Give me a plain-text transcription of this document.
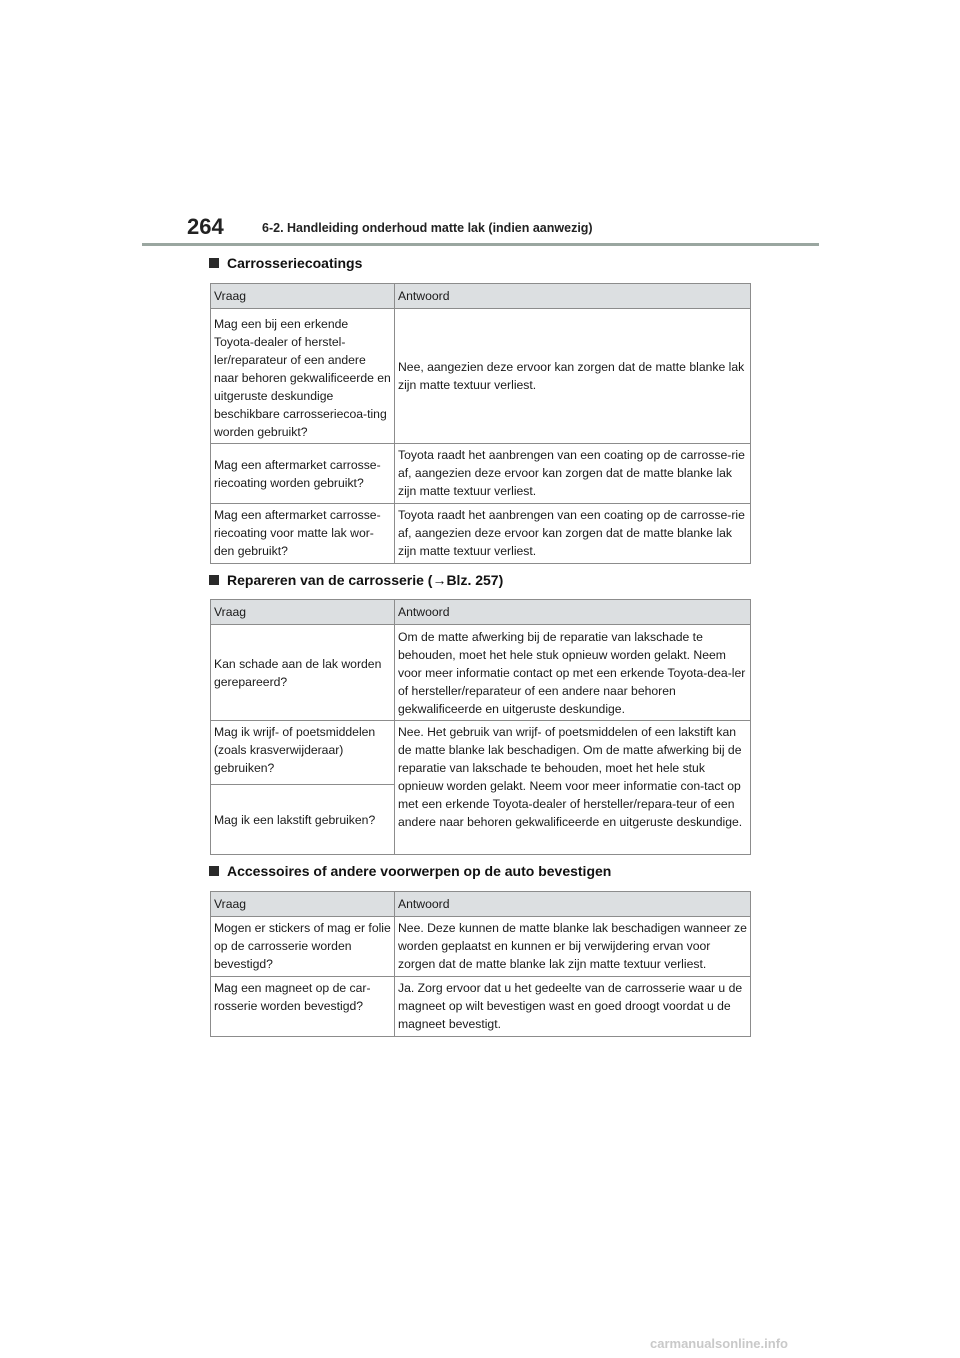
264	6-2. Handleiding onderhoud matte lak (indien aanwezig)
Carrosseriecoatings
Vraag	Antwoord
Mag een bij een erkende Toyota-dealer of herstel-ler/reparateur of een andere naar behoren gekwalificeerde en uitgeruste deskundige beschikbare carrosseriecoa-ting worden gebruikt?	Nee, aangezien deze ervoor kan zorgen dat de matte blanke lak zijn matte textuur verliest.
Mag een aftermarket carrosse-riecoating worden gebruikt?	Toyota raadt het aanbrengen van een coating op de carrosse-rie af, aangezien deze ervoor kan zorgen dat de matte blanke lak zijn matte textuur verliest.
Mag een aftermarket carrosse-riecoating voor matte lak wor-den gebruikt?	Toyota raadt het aanbrengen van een coating op de carrosse-rie af, aangezien deze ervoor kan zorgen dat de matte blanke lak zijn matte textuur verliest.
Repareren van de carrosserie (→Blz. 257)
Vraag	Antwoord
Kan schade aan de lak worden gerepareerd?	Om de matte afwerking bij de reparatie van lakschade te behouden, moet het hele stuk opnieuw worden gelakt. Neem voor meer informatie contact op met een erkende Toyota-dea-ler of hersteller/reparateur of een andere naar behoren gekwalificeerde en uitgeruste deskundige.
Mag ik wrijf- of poetsmiddelen (zoals krasverwijderaar) gebruiken?	Nee. Het gebruik van wrijf- of poetsmiddelen of een lakstift kan de matte blanke lak beschadigen. Om de matte afwerking bij de reparatie van lakschade te behouden, moet het hele stuk opnieuw worden gelakt. Neem voor meer informatie con-tact op met een erkende Toyota-dealer of hersteller/repara-teur of een andere naar behoren gekwalificeerde en uitgeruste deskundige.
Mag ik een lakstift gebruiken?	
Accessoires of andere voorwerpen op de auto bevestigen
Vraag	Antwoord
Mogen er stickers of mag er folie op de carrosserie worden bevestigd?	Nee. Deze kunnen de matte blanke lak beschadigen wanneer ze worden geplaatst en kunnen er bij verwijdering ervan voor zorgen dat de matte blanke lak zijn matte textuur verliest.
Mag een magneet op de car-rosserie worden bevestigd?	Ja. Zorg ervoor dat u het gedeelte van de carrosserie waar u de magneet op wilt bevestigen wast en goed droogt voordat u de magneet bevestigt.
carmanualsonline.info
